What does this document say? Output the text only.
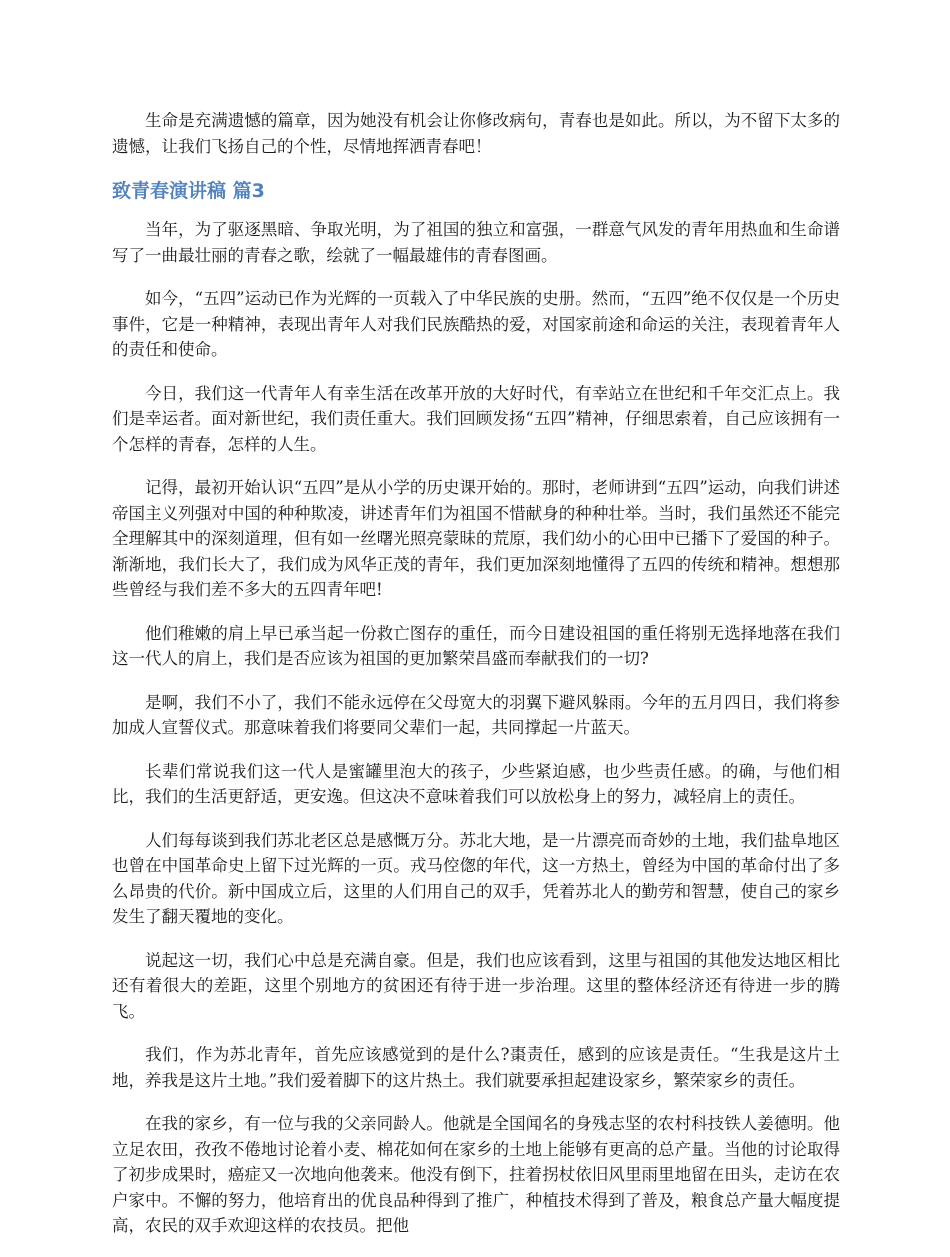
生命是充满遗憾的篇章，因为她没有机会让你修改病句，青春也是如此。所以，为不留下太多的遗憾，让我们飞扬自己的个性，尽情地挥洒青春吧！

致青春演讲稿 篇3

当年，为了驱逐黑暗、争取光明，为了祖国的独立和富强，一群意气风发的青年用热血和生命谱写了一曲最壮丽的青春之歌，绘就了一幅最雄伟的青春图画。

如今，“五四”运动已作为光辉的一页载入了中华民族的史册。然而，“五四”绝不仅仅是一个历史事件，它是一种精神，表现出青年人对我们民族酷热的爱，对国家前途和命运的关注，表现着青年人的责任和使命。

今日，我们这一代青年人有幸生活在改革开放的大好时代，有幸站立在世纪和千年交汇点上。我们是幸运者。面对新世纪，我们责任重大。我们回顾发扬“五四”精神，仔细思索着，自己应该拥有一个怎样的青春，怎样的人生。

记得，最初开始认识“五四”是从小学的历史课开始的。那时，老师讲到“五四”运动，向我们讲述帝国主义列强对中国的种种欺凌，讲述青年们为祖国不惜献身的种种壮举。当时，我们虽然还不能完全理解其中的深刻道理，但有如一丝曙光照亮蒙昧的荒原，我们幼小的心田中已播下了爱国的种子。渐渐地，我们长大了，我们成为风华正茂的青年，我们更加深刻地懂得了五四的传统和精神。想想那些曾经与我们差不多大的五四青年吧!

他们稚嫩的肩上早已承当起一份救亡图存的重任，而今日建设祖国的重任将别无选择地落在我们这一代人的肩上，我们是否应该为祖国的更加繁荣昌盛而奉献我们的一切?

是啊，我们不小了，我们不能永远停在父母宽大的羽翼下避风躲雨。今年的五月四日，我们将参加成人宣誓仪式。那意味着我们将要同父辈们一起，共同撑起一片蓝天。

长辈们常说我们这一代人是蜜罐里泡大的孩子，少些紧迫感，也少些责任感。的确，与他们相比，我们的生活更舒适，更安逸。但这决不意味着我们可以放松身上的努力，减轻肩上的责任。

人们每每谈到我们苏北老区总是感慨万分。苏北大地，是一片漂亮而奇妙的土地，我们盐阜地区也曾在中国革命史上留下过光辉的一页。戎马倥偬的年代，这一方热土，曾经为中国的革命付出了多么昂贵的代价。新中国成立后，这里的人们用自己的双手，凭着苏北人的勤劳和智慧，使自己的家乡发生了翻天覆地的变化。

说起这一切，我们心中总是充满自豪。但是，我们也应该看到，这里与祖国的其他发达地区相比还有着很大的差距，这里个别地方的贫困还有待于进一步治理。这里的整体经济还有待进一步的腾飞。

我们，作为苏北青年，首先应该感觉到的是什么?棗责任，感到的应该是责任。“生我是这片土地，养我是这片土地。”我们爱着脚下的这片热土。我们就要承担起建设家乡，繁荣家乡的责任。

在我的家乡，有一位与我的父亲同龄人。他就是全国闻名的身残志坚的农村科技铁人姜德明。他立足农田，孜孜不倦地讨论着小麦、棉花如何在家乡的土地上能够有更高的总产量。当他的讨论取得了初步成果时，癌症又一次地向他袭来。他没有倒下，拄着拐杖依旧风里雨里地留在田头，走访在农户家中。不懈的努力，他培育出的优良品种得到了推广，种植技术得到了普及，粮食总产量大幅度提高，农民的双手欢迎这样的农技员。把他
